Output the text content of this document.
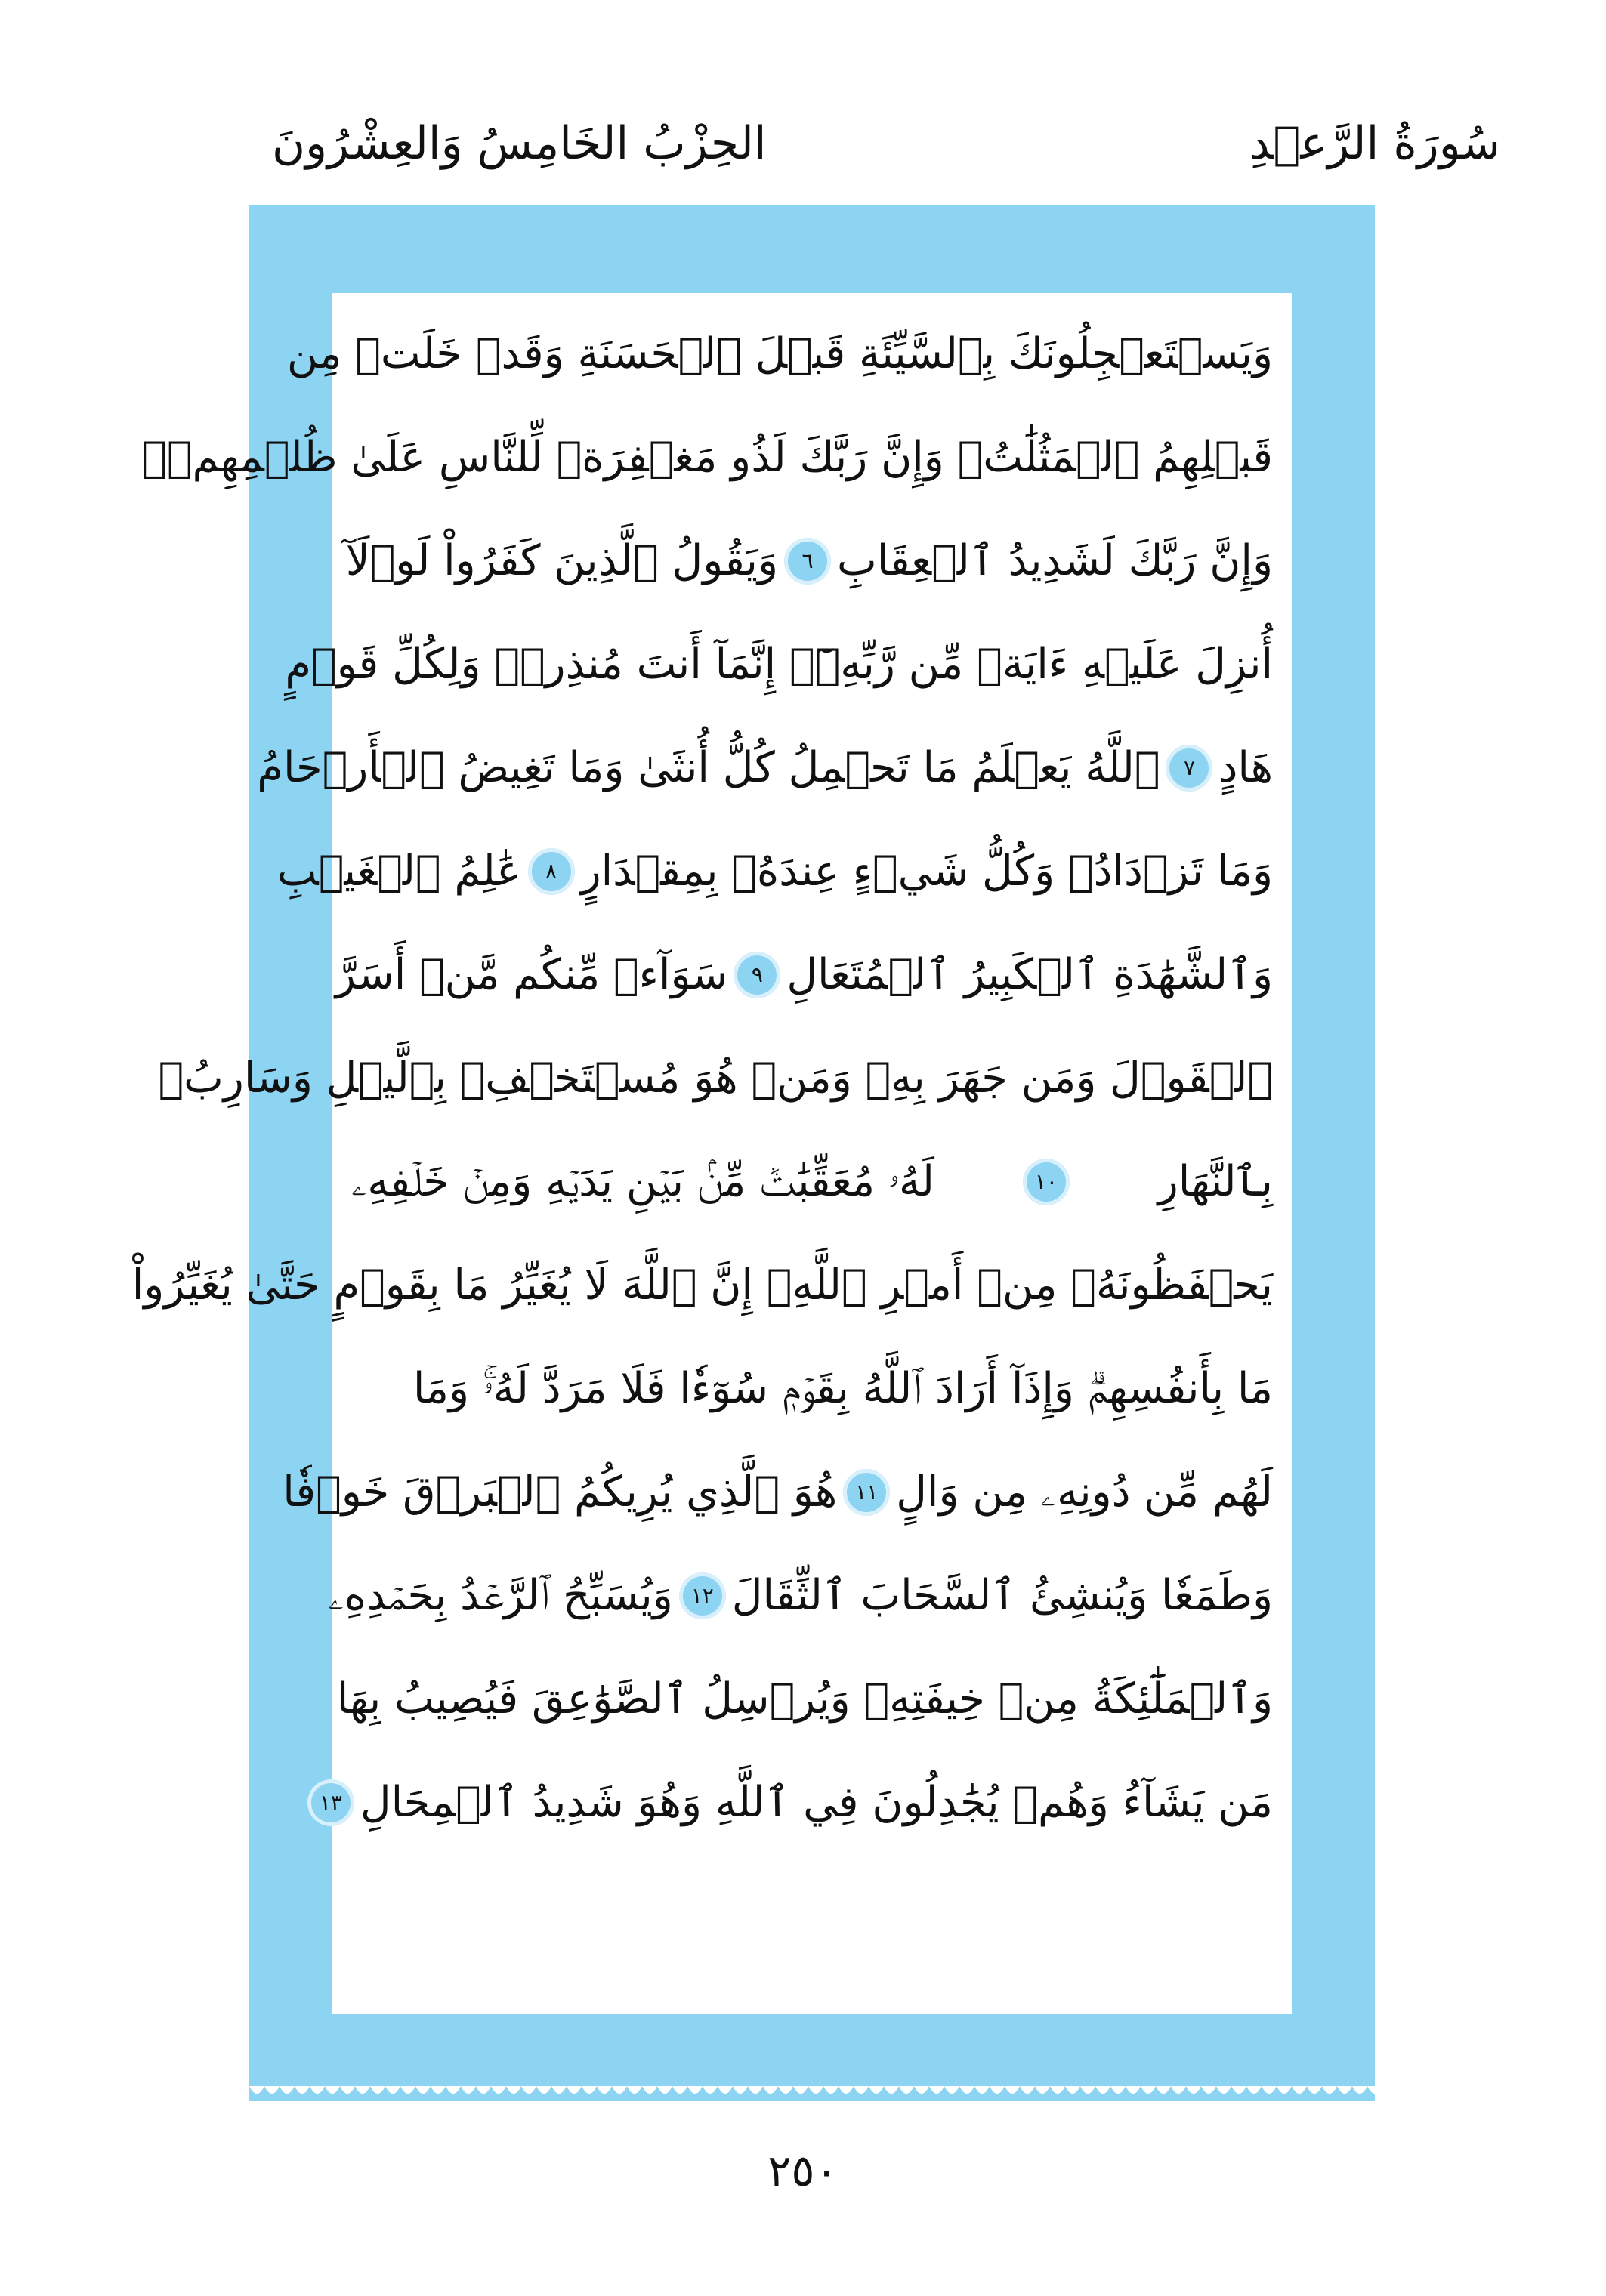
سُورَةُ الرَّعۡدِ
الحِزْبُ الخَامِسُ وَالعِشْرُونَ
وَيَسۡتَعۡجِلُونَكَ بِٱلسَّيِّئَةِ قَبۡلَ ٱلۡحَسَنَةِ وَقَدۡ خَلَتۡ مِن
قَبۡلِهِمُ ٱلۡمَثُلَٰتُۗ وَإِنَّ رَبَّكَ لَذُو مَغۡفِرَةٖ لِّلنَّاسِ عَلَىٰ ظُلۡمِهِمۡۖ
وَإِنَّ رَبَّكَ لَشَدِيدُ ٱلۡعِقَابِ
٦
وَيَقُولُ ٱلَّذِينَ كَفَرُواْ لَوۡلَآ
أُنزِلَ عَلَيۡهِ ءَايَةٞ مِّن رَّبِّهِۦٓۗ إِنَّمَآ أَنتَ مُنذِرٞۖ وَلِكُلِّ قَوۡمٍ
هَادٍ
٧
ٱللَّهُ يَعۡلَمُ مَا تَحۡمِلُ كُلُّ أُنثَىٰ وَمَا تَغِيضُ ٱلۡأَرۡحَامُ
وَمَا تَزۡدَادُۚ وَكُلُّ شَيۡءٍ عِندَهُۥ بِمِقۡدَارٍ
٨
عَٰلِمُ ٱلۡغَيۡبِ
وَٱلشَّهَٰدَةِ ٱلۡكَبِيرُ ٱلۡمُتَعَالِ
٩
سَوَآءٞ مِّنكُم مَّنۡ أَسَرَّ
ٱلۡقَوۡلَ وَمَن جَهَرَ بِهِۦ وَمَنۡ هُوَ مُسۡتَخۡفِۭ بِٱلَّيۡلِ وَسَارِبُۢ
بِٱلنَّهَارِ
١٠
لَهُۥ مُعَقِّبَٰتٞ مِّنۢ بَيۡنِ يَدَيۡهِ وَمِنۡ خَلۡفِهِۦ
يَحۡفَظُونَهُۥ مِنۡ أَمۡرِ ٱللَّهِۗ إِنَّ ٱللَّهَ لَا يُغَيِّرُ مَا بِقَوۡمٍ حَتَّىٰ يُغَيِّرُواْ
مَا بِأَنفُسِهِمۡۗ وَإِذَآ أَرَادَ ٱللَّهُ بِقَوۡمٖ سُوٓءٗا فَلَا مَرَدَّ لَهُۥۚ وَمَا
لَهُم مِّن دُونِهِۦ مِن وَالٍ
١١
هُوَ ٱلَّذِي يُرِيكُمُ ٱلۡبَرۡقَ خَوۡفٗا
وَطَمَعٗا وَيُنشِئُ ٱلسَّحَابَ ٱلثِّقَالَ
١٢
وَيُسَبِّحُ ٱلرَّعۡدُ بِحَمۡدِهِۦ
وَٱلۡمَلَٰٓئِكَةُ مِنۡ خِيفَتِهِۦ وَيُرۡسِلُ ٱلصَّوَٰعِقَ فَيُصِيبُ بِهَا
مَن يَشَآءُ وَهُمۡ يُجَٰدِلُونَ فِي ٱللَّهِ وَهُوَ شَدِيدُ ٱلۡمِحَالِ
١٣
٢٥٠
